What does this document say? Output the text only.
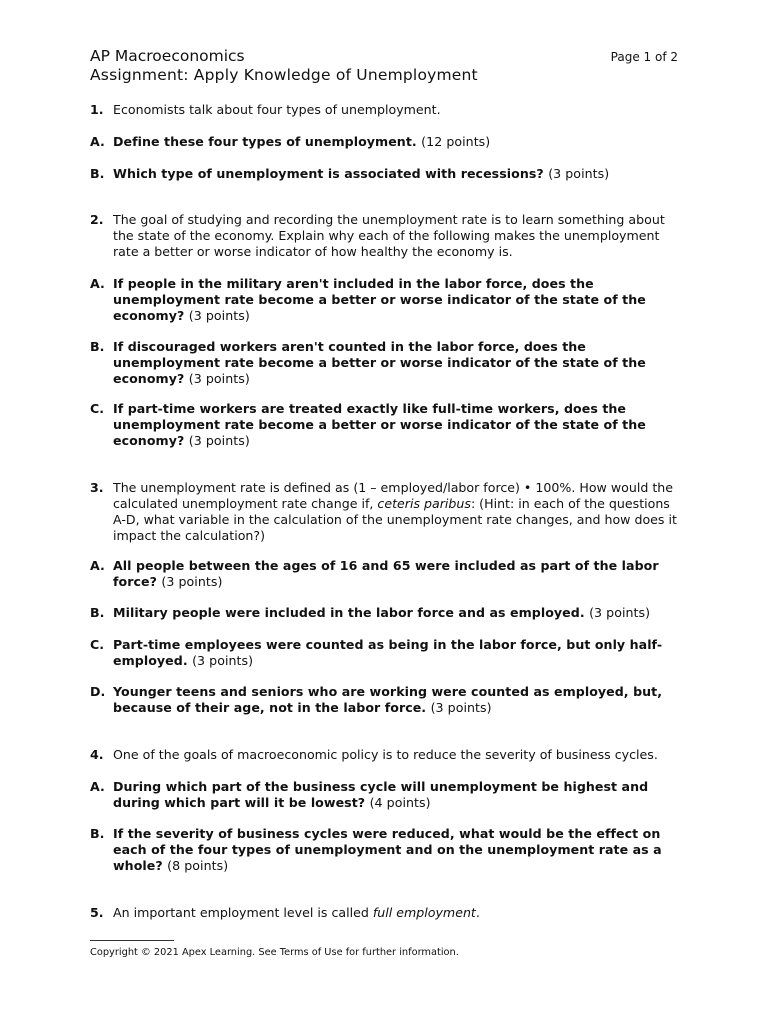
AP Macroeconomics
Assignment: Apply Knowledge of Unemployment
Page 1 of 2
1. Economists talk about four types of unemployment.
A. Define these four types of unemployment. (12 points)
B. Which type of unemployment is associated with recessions? (3 points)
2. The goal of studying and recording the unemployment rate is to learn something about the state of the economy. Explain why each of the following makes the unemployment rate a better or worse indicator of how healthy the economy is.
A. If people in the military aren't included in the labor force, does the unemployment rate become a better or worse indicator of the state of the economy? (3 points)
B. If discouraged workers aren't counted in the labor force, does the unemployment rate become a better or worse indicator of the state of the economy? (3 points)
C. If part-time workers are treated exactly like full-time workers, does the unemployment rate become a better or worse indicator of the state of the economy? (3 points)
3. The unemployment rate is defined as (1 – employed/labor force) • 100%. How would the calculated unemployment rate change if, ceteris paribus: (Hint: in each of the questions A-D, what variable in the calculation of the unemployment rate changes, and how does it impact the calculation?)
A. All people between the ages of 16 and 65 were included as part of the labor force? (3 points)
B. Military people were included in the labor force and as employed. (3 points)
C. Part-time employees were counted as being in the labor force, but only half-employed. (3 points)
D. Younger teens and seniors who are working were counted as employed, but, because of their age, not in the labor force. (3 points)
4. One of the goals of macroeconomic policy is to reduce the severity of business cycles.
A. During which part of the business cycle will unemployment be highest and during which part will it be lowest? (4 points)
B. If the severity of business cycles were reduced, what would be the effect on each of the four types of unemployment and on the unemployment rate as a whole? (8 points)
5. An important employment level is called full employment.
Copyright © 2021 Apex Learning. See Terms of Use for further information.
